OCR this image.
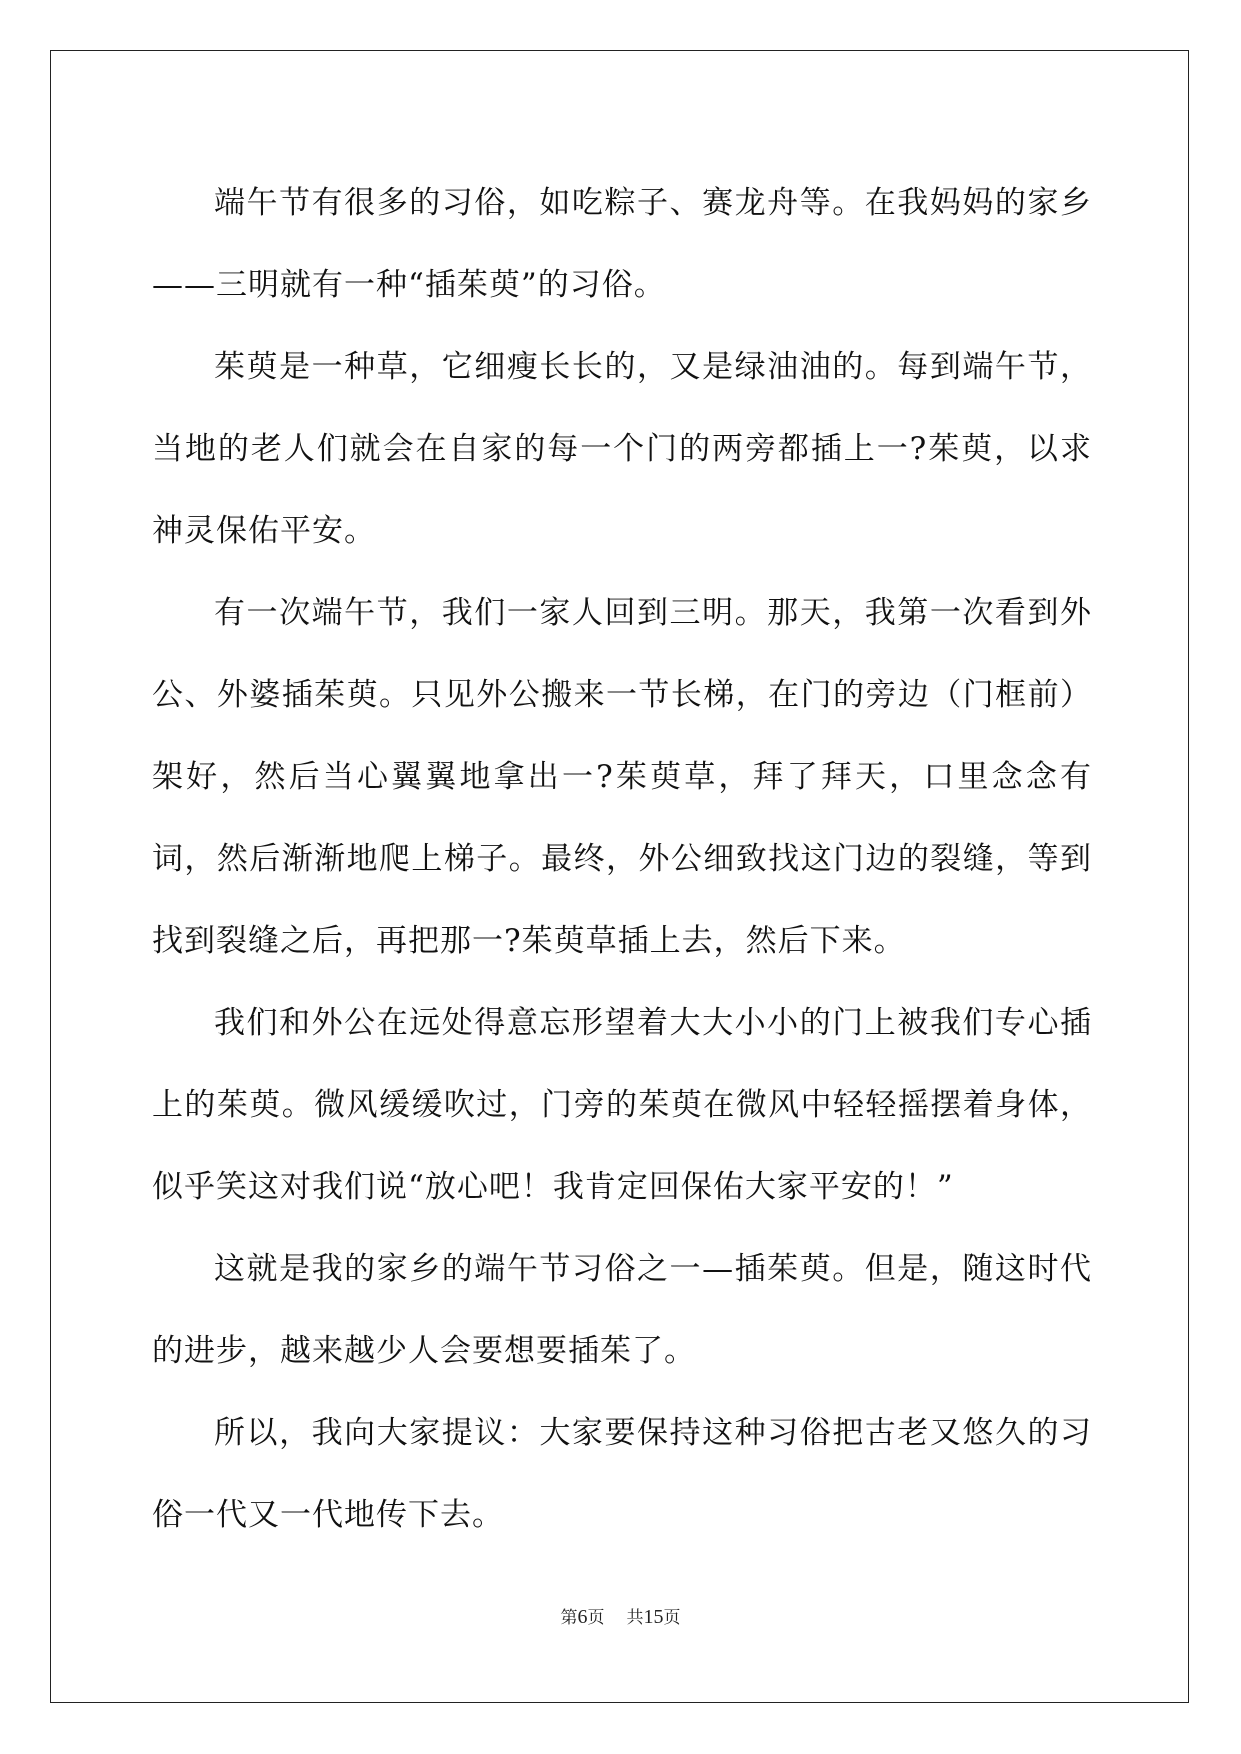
端午节有很多的习俗，如吃粽子、赛龙舟等。在我妈妈的家乡——三明就有一种“插茱萸”的习俗。

茱萸是一种草，它细瘦长长的，又是绿油油的。每到端午节，当地的老人们就会在自家的每一个门的两旁都插上一?茱萸，以求神灵保佑平安。

有一次端午节，我们一家人回到三明。那天，我第一次看到外公、外婆插茱萸。只见外公搬来一节长梯，在门的旁边（门框前）架好，然后当心翼翼地拿出一?茱萸草，拜了拜天，口里念念有词，然后渐渐地爬上梯子。最终，外公细致找这门边的裂缝，等到找到裂缝之后，再把那一?茱萸草插上去，然后下来。

我们和外公在远处得意忘形望着大大小小的门上被我们专心插上的茱萸。微风缓缓吹过，门旁的茱萸在微风中轻轻摇摆着身体，似乎笑这对我们说“放心吧！我肯定回保佑大家平安的！”

这就是我的家乡的端午节习俗之一—插茱萸。但是，随这时代的进步，越来越少人会要想要插茱了。

所以，我向大家提议：大家要保持这种习俗把古老又悠久的习俗一代又一代地传下去。

第6页 共15页
